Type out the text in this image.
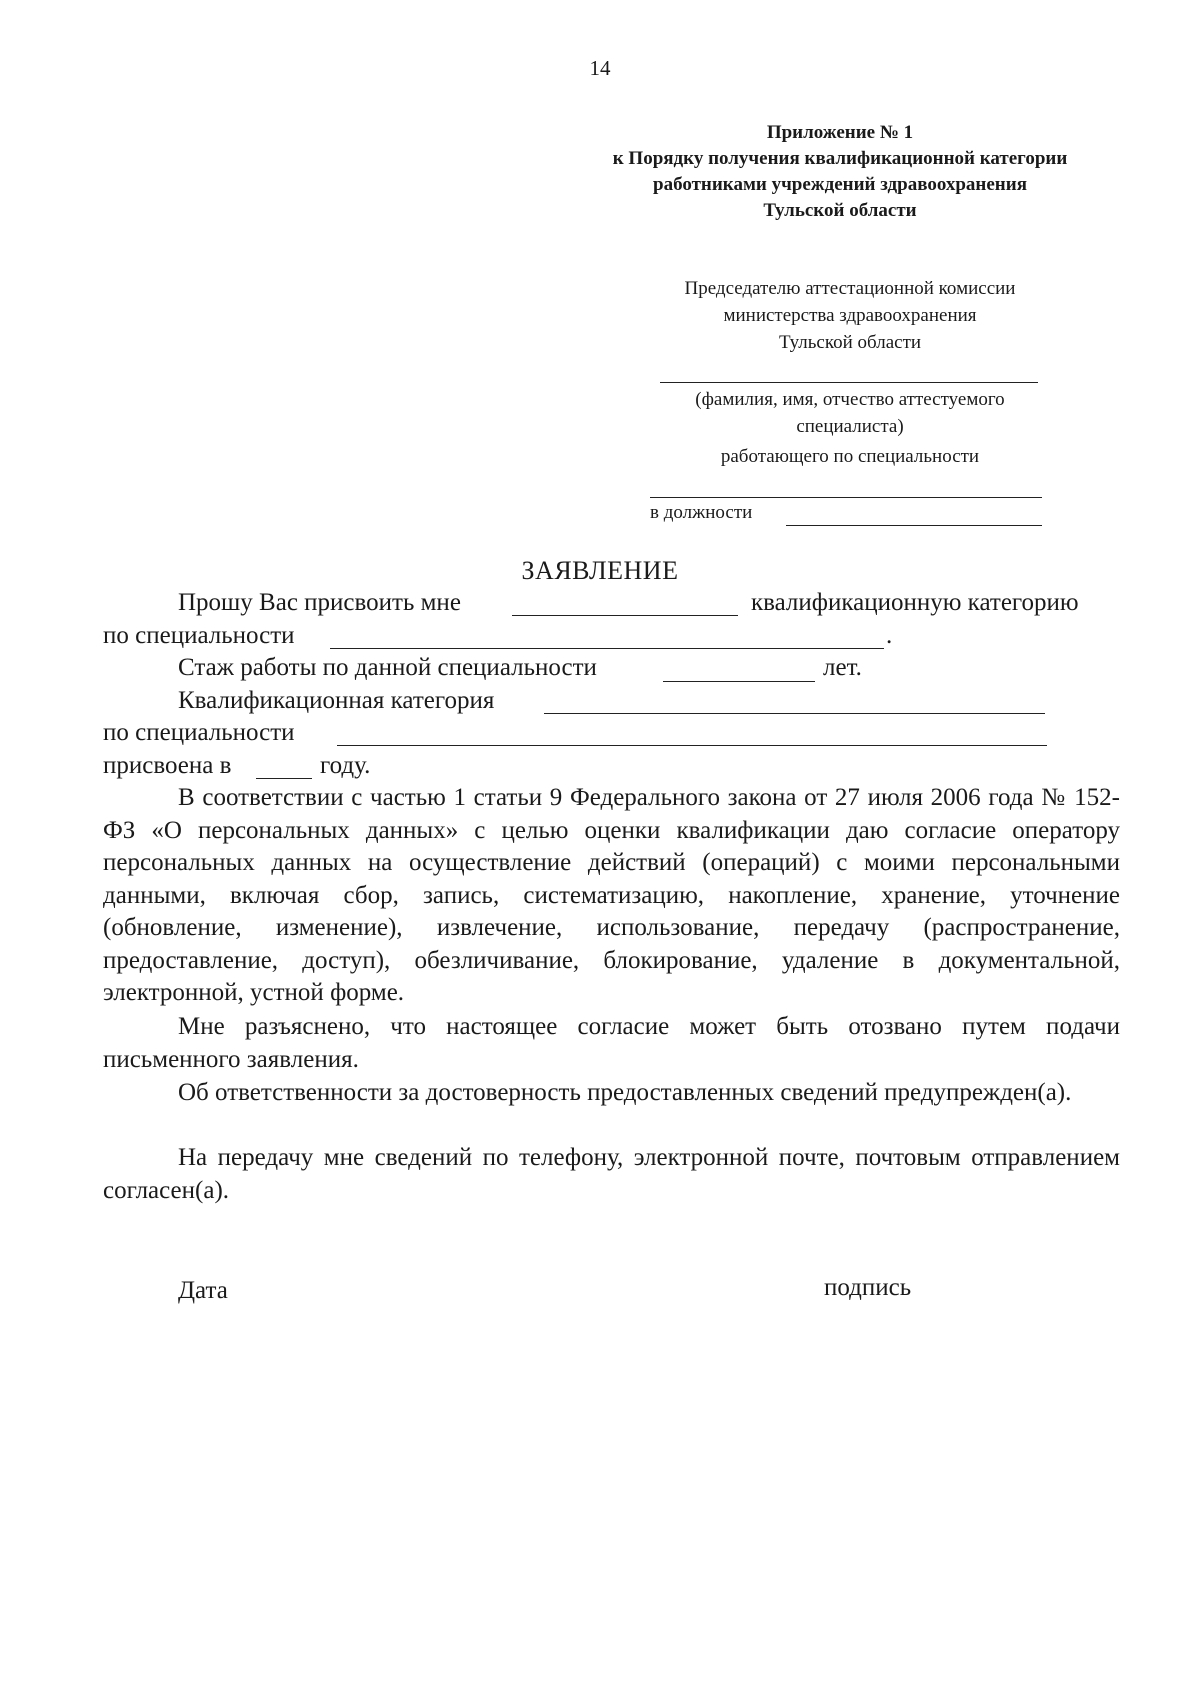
14
Приложение № 1
к Порядку получения квалификационной категории
работниками учреждений здравоохранения
Тульской области
Председателю аттестационной комиссии
министерства здравоохранения
Тульской области
(фамилия, имя, отчество аттестуемого
специалиста)
работающего по специальности
в должности
ЗАЯВЛЕНИЕ
Прошу Вас присвоить мне	квалификационную категорию
по специальности	.
Стаж работы по данной специальности	лет.
Квалификационная категория
по специальности
присвоена в	году.
В соответствии с частью 1 статьи 9 Федерального закона от 27 июля 2006 года № 152-ФЗ «О персональных данных» с целью оценки квалификации даю согласие оператору персональных данных на осуществление действий (операций) с моими персональными данными, включая сбор, запись, систематизацию, накопление, хранение, уточнение (обновление, изменение), извлечение, использование, передачу (распространение, предоставление, доступ), обезличивание, блокирование, удаление в документальной, электронной, устной форме.
Мне разъяснено, что настоящее согласие может быть отозвано путем подачи письменного заявления.
Об ответственности за достоверность предоставленных сведений предупрежден(а).
На передачу мне сведений по телефону, электронной почте, почтовым отправлением согласен(а).
Дата	подпись
